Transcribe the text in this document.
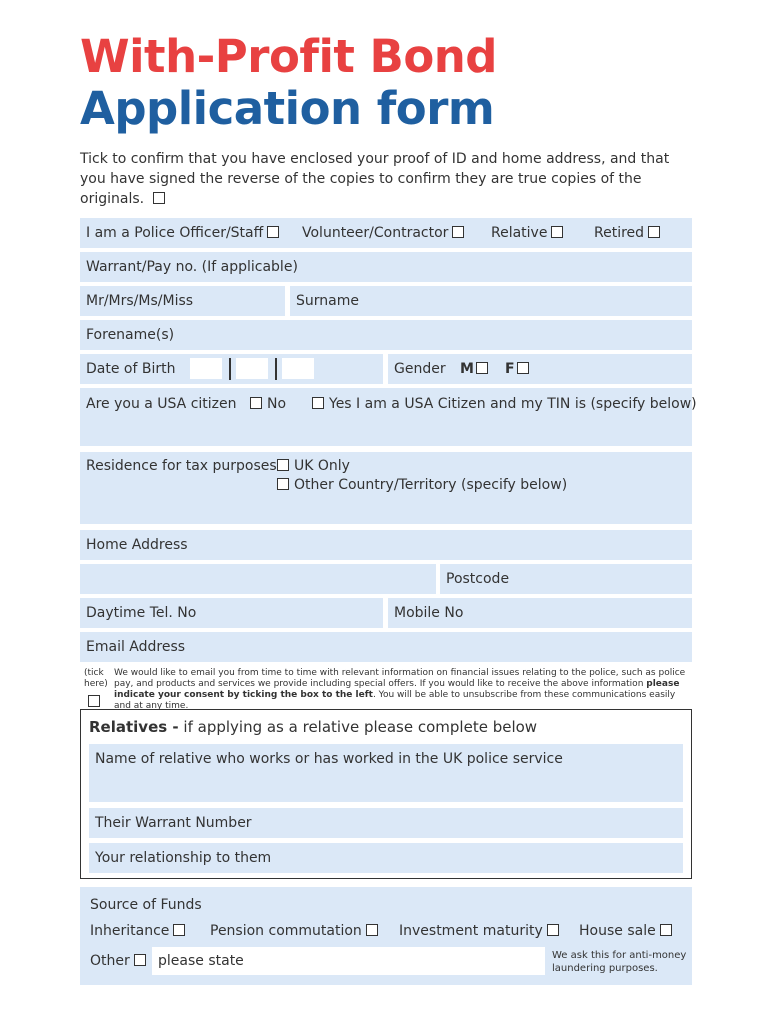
With-Profit Bond
Application form
Tick to confirm that you have enclosed your proof of ID and home address, and that you have signed the reverse of the copies to confirm they are true copies of the originals.
I am a Police Officer/Staff	Volunteer/Contractor	Relative	Retired
Warrant/Pay no. (If applicable)
Mr/Mrs/Ms/Miss	Surname
Forename(s)
Date of Birth	Gender M	F
Are you a USA citizen	No	Yes I am a USA Citizen and my TIN is (specify below)
Residence for tax purposes	UK Only
Other Country/Territory (specify below)
Home Address
Postcode
Daytime Tel. No	Mobile No
Email Address
(tick here)
We would like to email you from time to time with relevant information on financial issues relating to the police, such as police pay, and products and services we provide including special offers. If you would like to receive the above information please indicate your consent by ticking the box to the left. You will be able to unsubscribe from these communications easily and at any time.
Relatives - if applying as a relative please complete below
Name of relative who works or has worked in the UK police service
Their Warrant Number
Your relationship to them
Source of Funds
Inheritance	Pension commutation	Investment maturity	House sale
Other	please state	We ask this for anti-money laundering purposes.
